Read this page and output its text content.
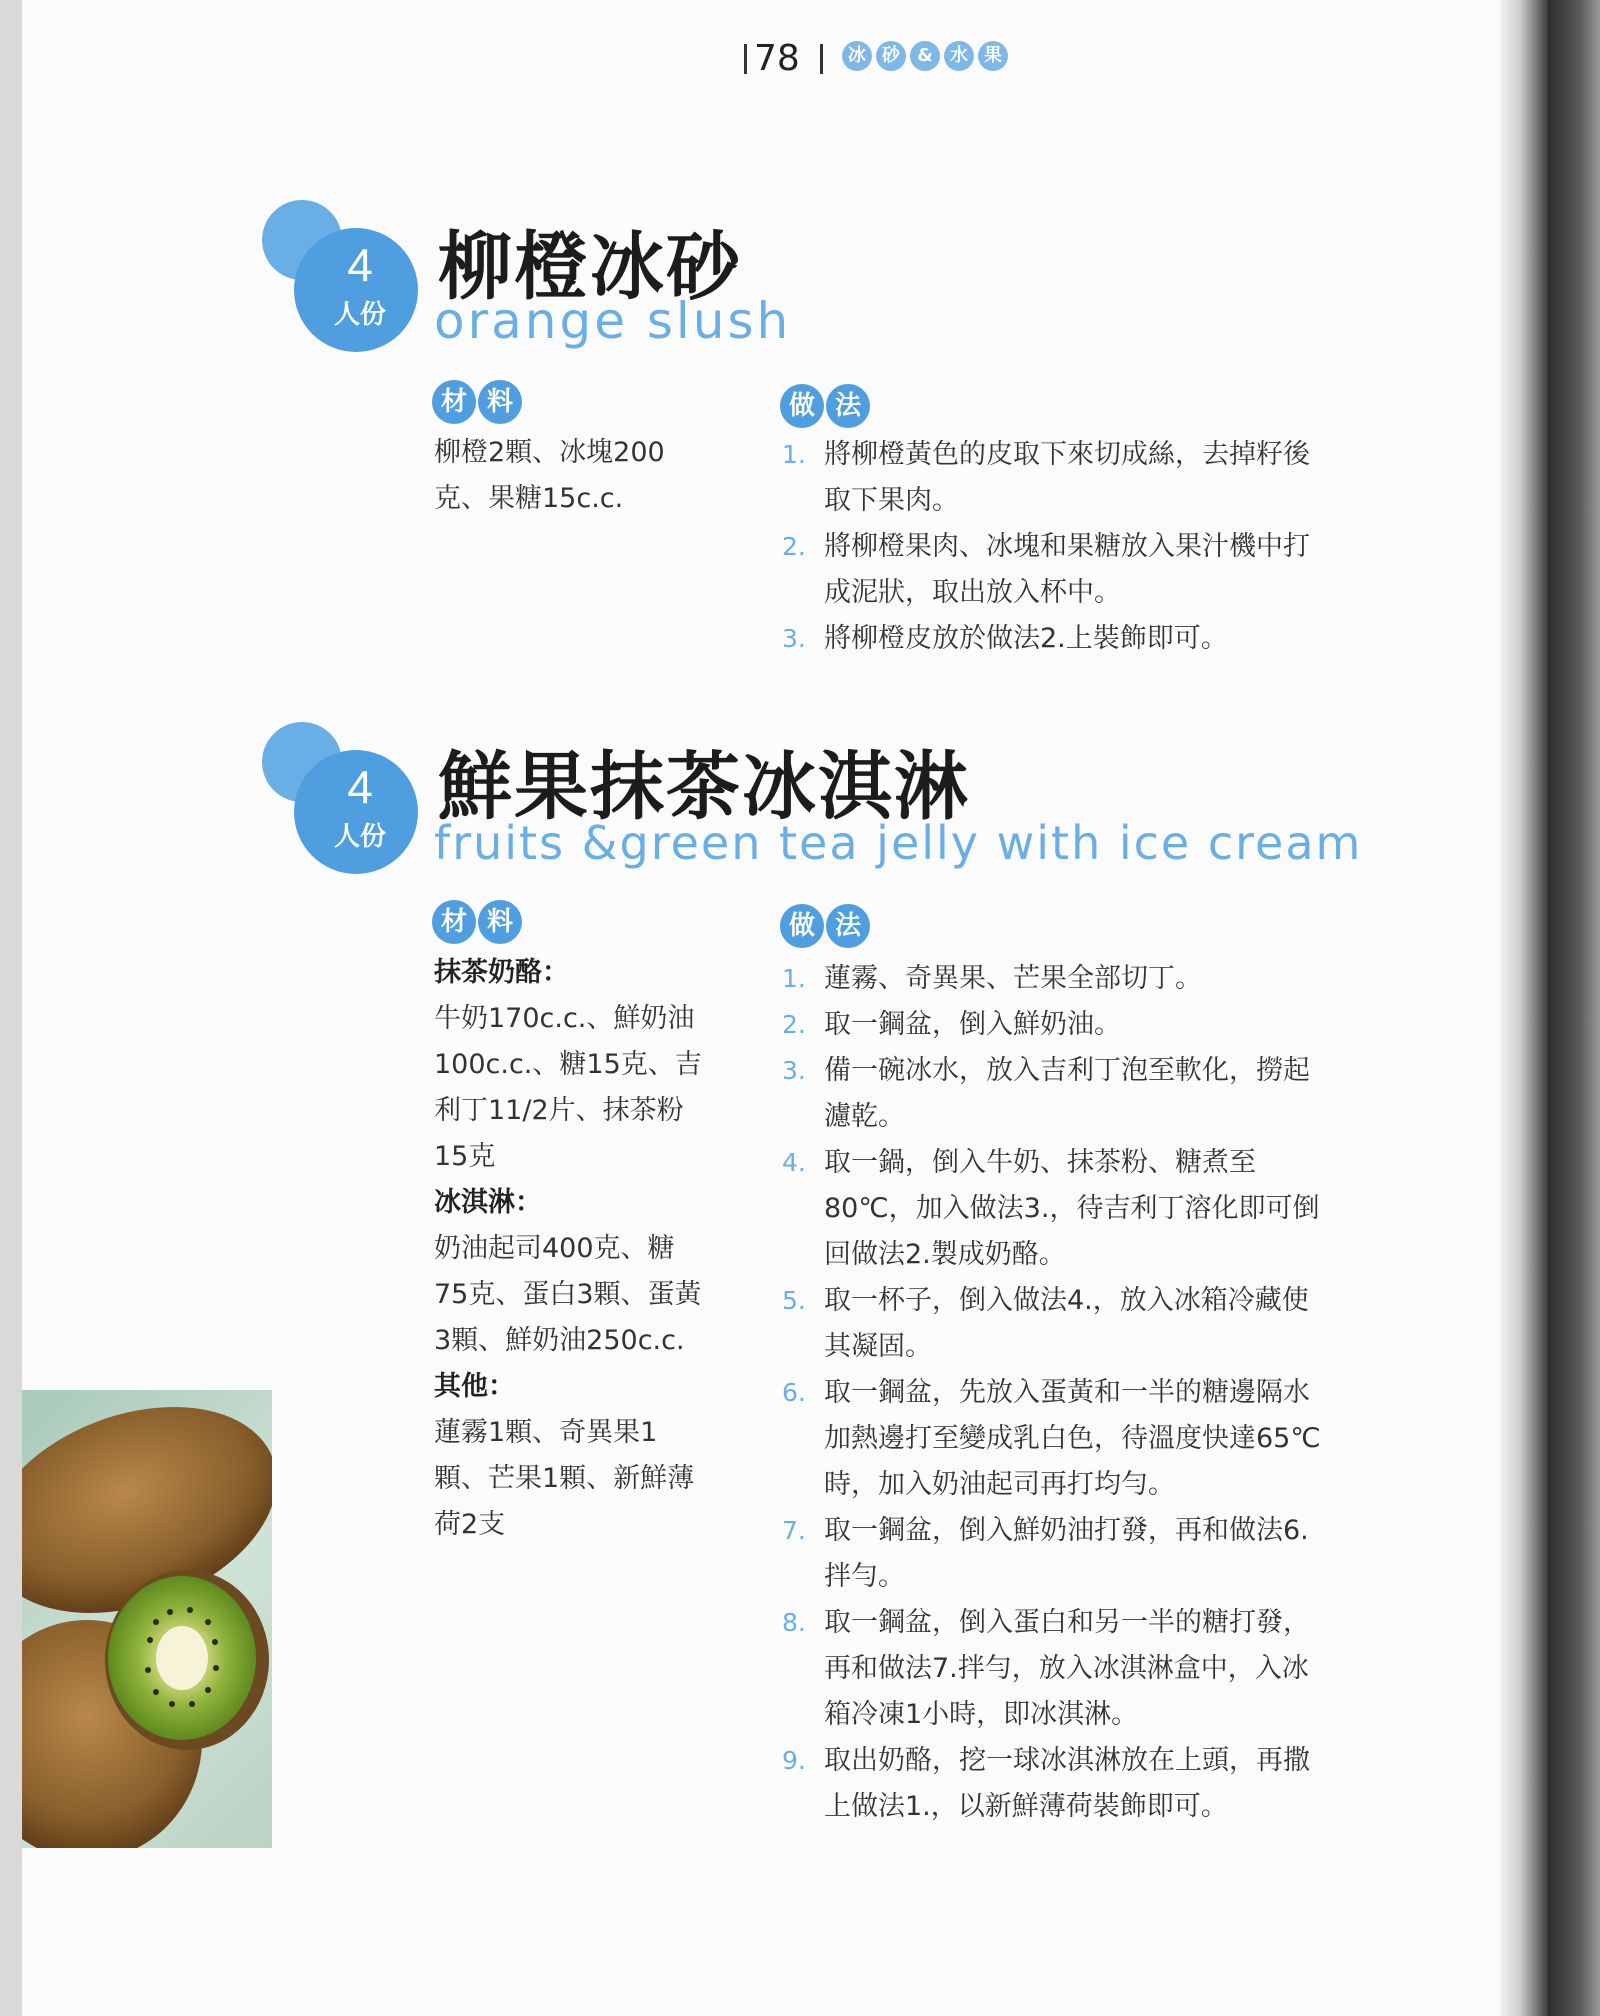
78	冰 砂 & 水 果
4
人份
柳橙冰砂
orange slush
材 料

柳橙2顆、冰塊200克、果糖15c.c.

做 法
1. 將柳橙黃色的皮取下來切成絲，去掉籽後取下果肉。
2. 將柳橙果肉、冰塊和果糖放入果汁機中打成泥狀，取出放入杯中。
3. 將柳橙皮放於做法2.上裝飾即可。
4
人份
鮮果抹茶冰淇淋
fruits &green tea jelly with ice cream
材 料

抹茶奶酪：

牛奶170c.c.、鮮奶油100c.c.、糖15克、吉利丁11/2片、抹茶粉15克

冰淇淋：

奶油起司400克、糖75克、蛋白3顆、蛋黃3顆、鮮奶油250c.c.

其他：

蓮霧1顆、奇異果1顆、芒果1顆、新鮮薄荷2支

做 法
1. 蓮霧、奇異果、芒果全部切丁。
2. 取一鋼盆，倒入鮮奶油。
3. 備一碗冰水，放入吉利丁泡至軟化，撈起濾乾。
4. 取一鍋，倒入牛奶、抹茶粉、糖煮至80℃，加入做法3.，待吉利丁溶化即可倒回做法2.製成奶酪。
5. 取一杯子，倒入做法4.，放入冰箱冷藏使其凝固。
6. 取一鋼盆，先放入蛋黃和一半的糖邊隔水加熱邊打至變成乳白色，待溫度快達65℃時，加入奶油起司再打均勻。
7. 取一鋼盆，倒入鮮奶油打發，再和做法6.拌勻。
8. 取一鋼盆，倒入蛋白和另一半的糖打發，再和做法7.拌勻，放入冰淇淋盒中，入冰箱冷凍1小時，即冰淇淋。
9. 取出奶酪，挖一球冰淇淋放在上頭，再撒上做法1.，以新鮮薄荷裝飾即可。
